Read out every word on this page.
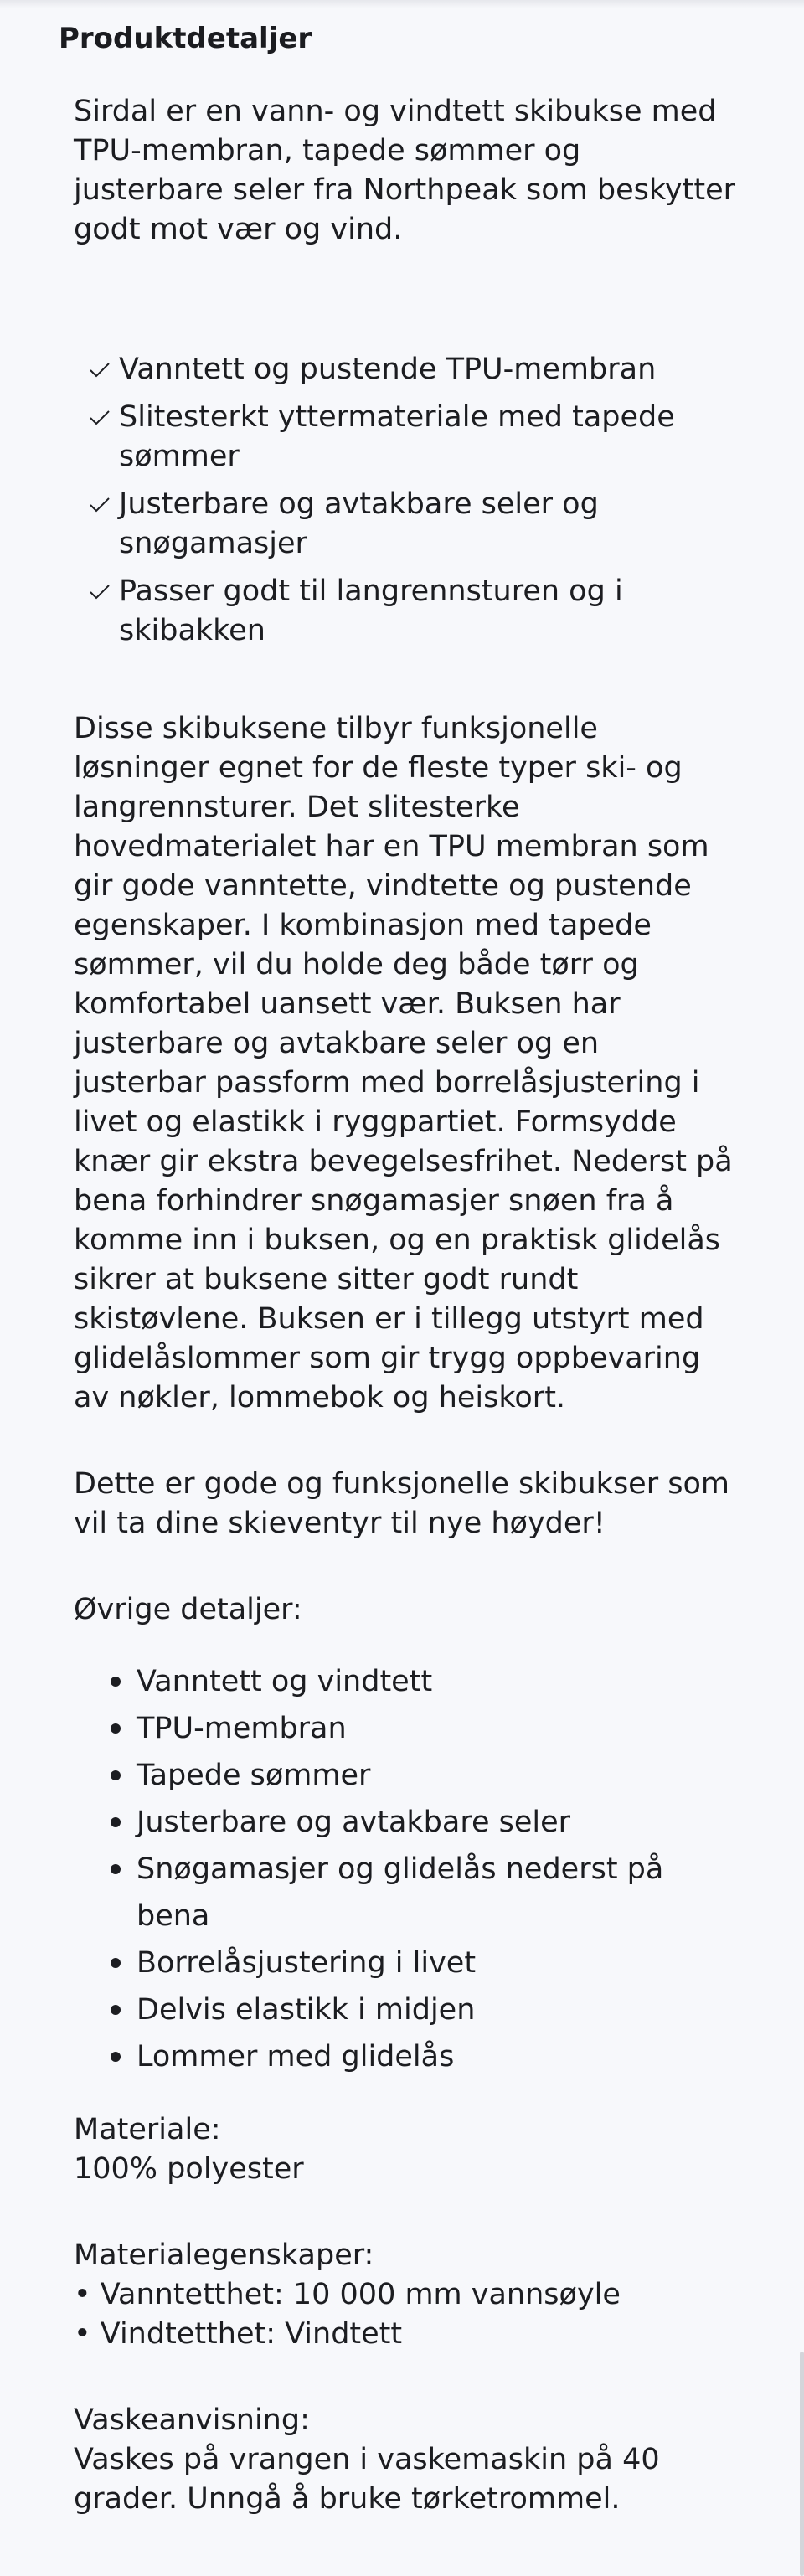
Produktdetaljer

Sirdal er en vann- og vindtett skibukse med TPU-membran, tapede sømmer og justerbare seler fra Northpeak som beskytter godt mot vær og vind.

Vanntett og pustende TPU-membran
Slitesterkt yttermateriale med tapede sømmer
Justerbare og avtakbare seler og snøgamasjer
Passer godt til langrennsturen og i skibakken

Disse skibuksene tilbyr funksjonelle løsninger egnet for de fleste typer ski- og langrennsturer. Det slitesterke hovedmaterialet har en TPU membran som gir gode vanntette, vindtette og pustende egenskaper. I kombinasjon med tapede sømmer, vil du holde deg både tørr og komfortabel uansett vær. Buksen har justerbare og avtakbare seler og en justerbar passform med borrelåsjustering i livet og elastikk i ryggpartiet. Formsydde knær gir ekstra bevegelsesfrihet. Nederst på bena forhindrer snøgamasjer snøen fra å komme inn i buksen, og en praktisk glidelås sikrer at buksene sitter godt rundt skistøvlene. Buksen er i tillegg utstyrt med glidelåslommer som gir trygg oppbevaring av nøkler, lommebok og heiskort.

Dette er gode og funksjonelle skibukser som vil ta dine skieventyr til nye høyder!

Øvrige detaljer:

Vanntett og vindtett
TPU-membran
Tapede sømmer
Justerbare og avtakbare seler
Snøgamasjer og glidelås nederst på bena
Borrelåsjustering i livet
Delvis elastikk i midjen
Lommer med glidelås

Materiale:

100% polyester

Materialegenskaper:

• Vanntetthet: 10 000 mm vannsøyle

• Vindtetthet: Vindtett

Vaskeanvisning:

Vaskes på vrangen i vaskemaskin på 40 grader. Unngå å bruke tørketrommel.
